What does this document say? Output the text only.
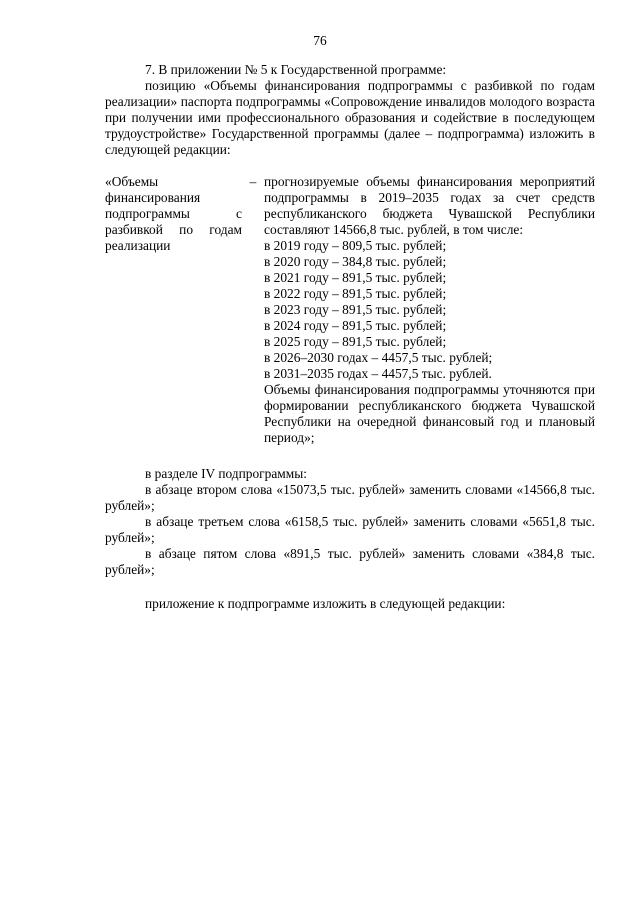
76

7. В приложении № 5 к Государственной программе:

позицию «Объемы финансирования подпрограммы с разбивкой по годам реализации» паспорта подпрограммы «Сопровождение инвалидов молодого возраста при получении ими профессионального образования и содействие в последующем трудоустройстве» Государственной программы (далее – подпрограмма) изложить в следующей редакции:

«Объемы финансирования подпрограммы с разбивкой по годам реализации

– прогнозируемые объемы финансирования мероприятий подпрограммы в 2019–2035 годах за счет средств республиканского бюджета Чувашской Республики составляют 14566,8 тыс. рублей, в том числе:

в 2019 году – 809,5 тыс. рублей;
в 2020 году – 384,8 тыс. рублей;
в 2021 году – 891,5 тыс. рублей;
в 2022 году – 891,5 тыс. рублей;
в 2023 году – 891,5 тыс. рублей;
в 2024 году – 891,5 тыс. рублей;
в 2025 году – 891,5 тыс. рублей;
в 2026–2030 годах – 4457,5 тыс. рублей;
в 2031–2035 годах – 4457,5 тыс. рублей.

Объемы финансирования подпрограммы уточняются при формировании республиканского бюджета Чувашской Республики на очередной финансовый год и плановый период»;

в разделе IV подпрограммы:

в абзаце втором слова «15073,5 тыс. рублей» заменить словами «14566,8 тыс. рублей»;

в абзаце третьем слова «6158,5 тыс. рублей» заменить словами «5651,8 тыс. рублей»;

в абзаце пятом слова «891,5 тыс. рублей» заменить словами «384,8 тыс. рублей»;

приложение к подпрограмме изложить в следующей редакции:
